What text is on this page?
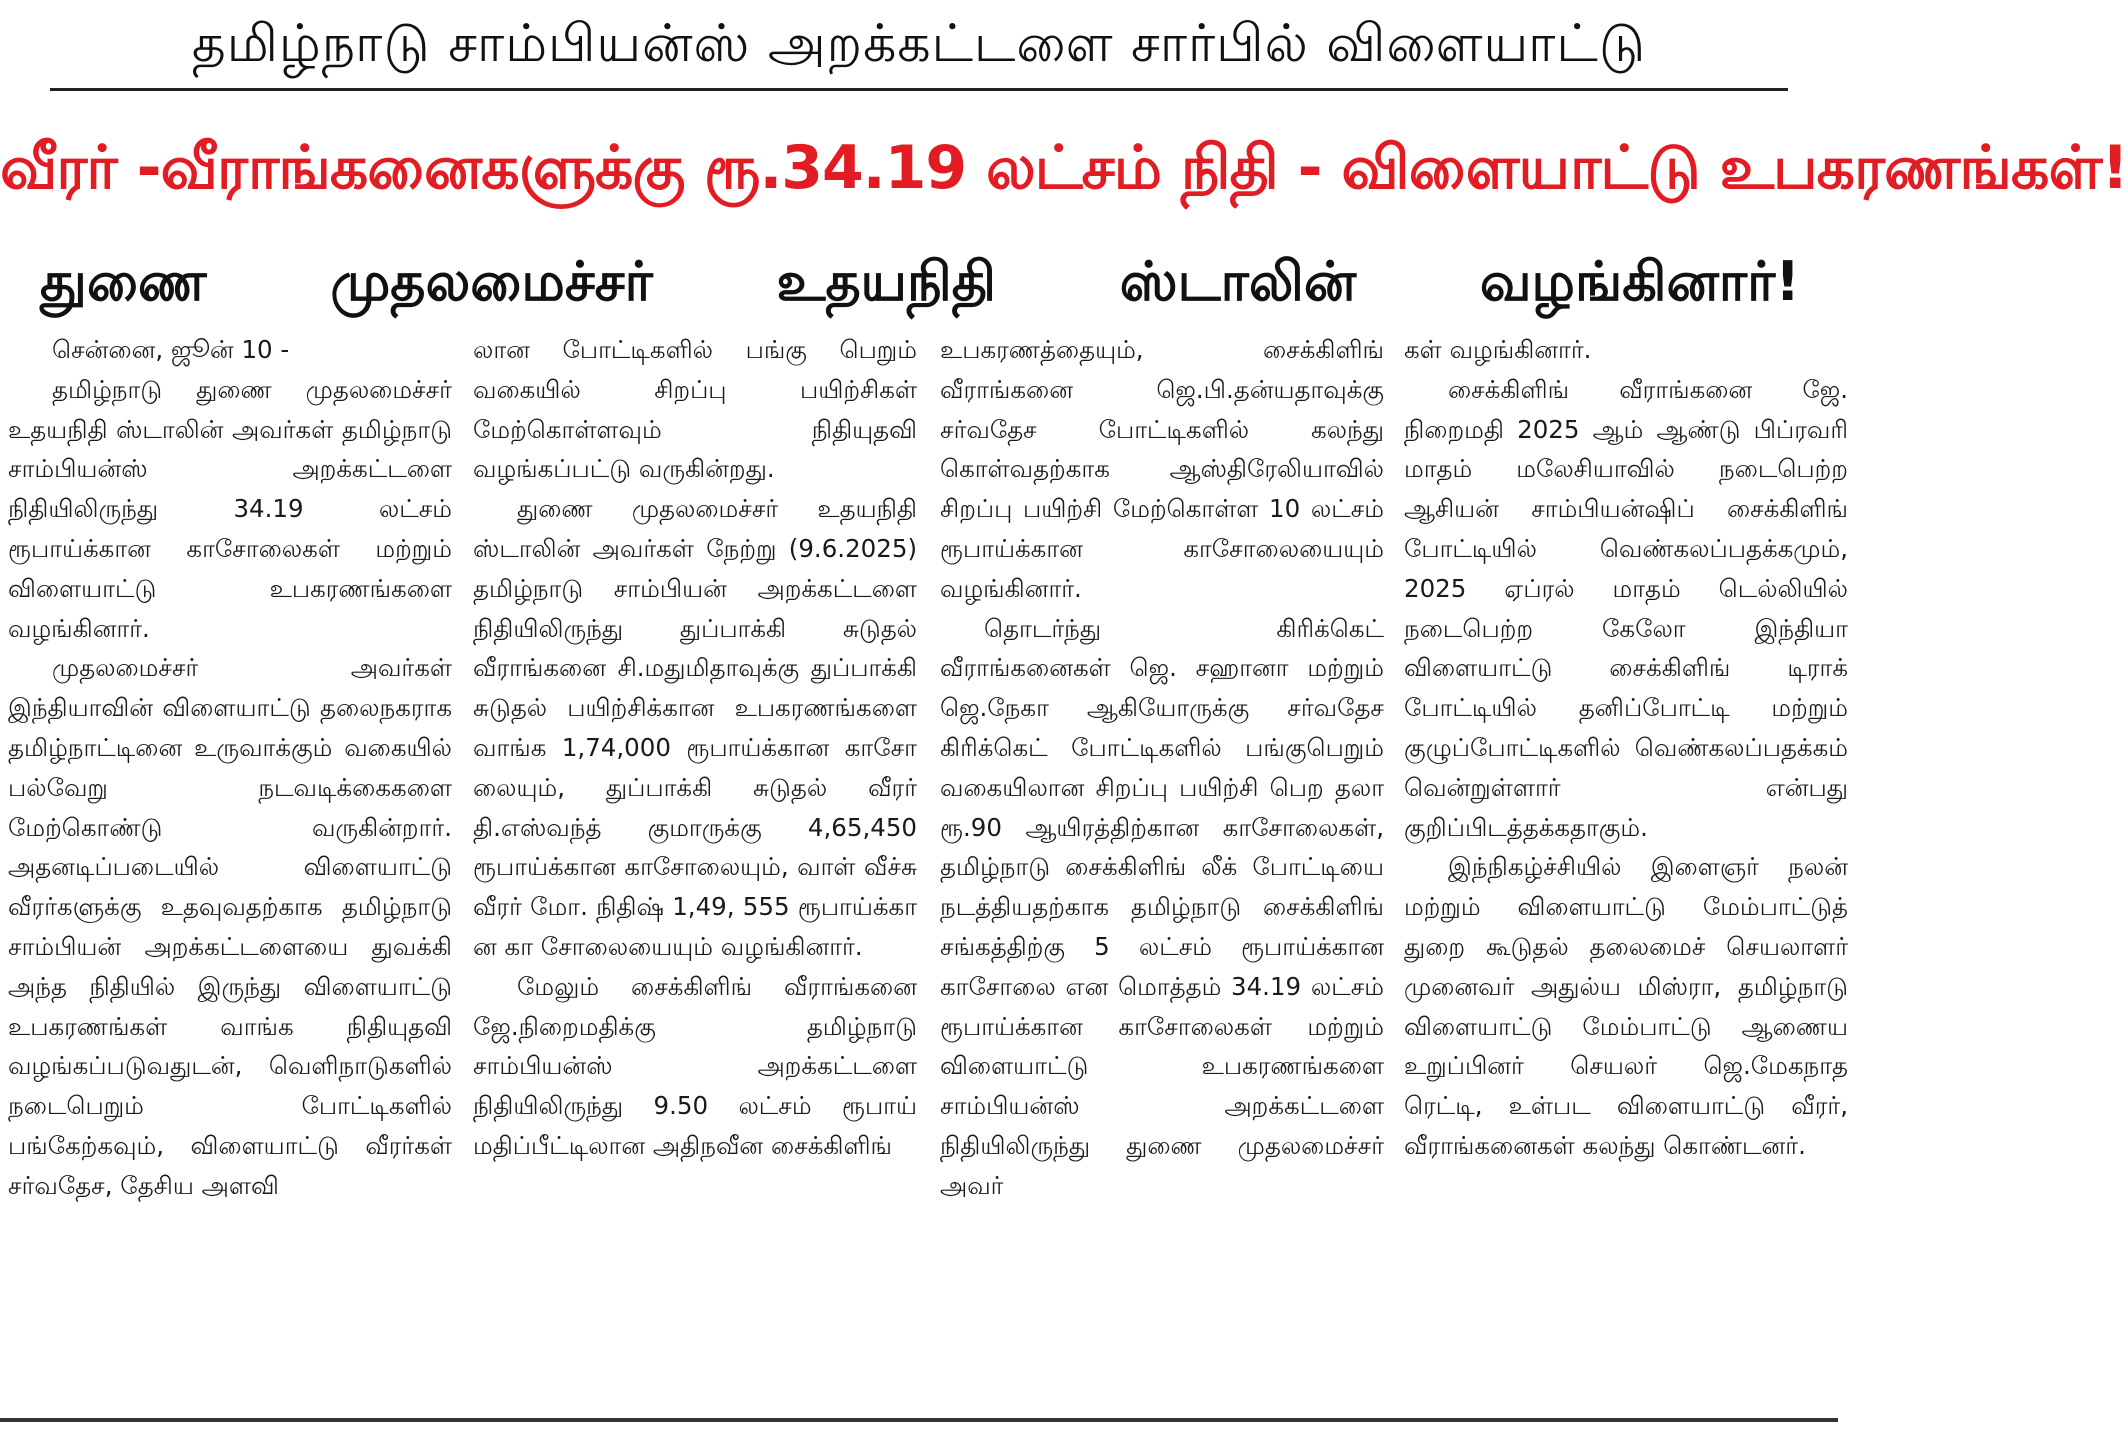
தமிழ்நாடு சாம்பியன்ஸ் அறக்கட்டளை சார்பில் விளையாட்டு
வீரர் -வீராங்கனைகளுக்கு ரூ.34.19 லட்சம் நிதி - விளையாட்டு உபகரணங்கள்!
துணை முதலமைச்சர் உதயநிதி ஸ்டாலின் வழங்கினார்!

சென்னை, ஜூன் 10 -

தமிழ்நாடு துணை முதலமைச்சர் உதயநிதி ஸ்டாலின் அவர்கள் தமிழ்நாடு சாம்பியன்ஸ் அறக்கட்டளை நிதியிலிருந்து 34.19 லட்சம் ரூபாய்க்கான காசோலைகள் மற்றும் விளையாட்டு உபகரணங்களை வழங்கினார்.

முதலமைச்சர் அவர்கள் இந்தியாவின் விளையாட்டு தலைநகராக தமிழ்நாட்டினை உருவாக்கும் வகையில் பல்வேறு நடவடிக்கைகளை மேற்கொண்டு வருகின்றார். அதனடிப்படையில் விளையாட்டு வீரர்களுக்கு உதவுவதற்காக தமிழ்நாடு சாம்பியன் அறக்கட்டளையை துவக்கி அந்த நிதியில் இருந்து விளையாட்டு உபகரணங்கள் வாங்க நிதியுதவி வழங்கப்படுவதுடன், வெளிநாடுகளில் நடைபெறும் போட்டிகளில் பங்கேற்கவும், விளையாட்டு வீரர்கள் சர்வதேச, தேசிய அளவி

லான போட்டிகளில் பங்கு பெறும் வகையில் சிறப்பு பயிற்சிகள் மேற்கொள்ளவும் நிதியுதவி வழங்கப்பட்டு வருகின்றது.

துணை முதலமைச்சர் உதயநிதி ஸ்டாலின் அவர்கள் நேற்று (9.6.2025) தமிழ்நாடு சாம்பியன் அறக்கட்டளை நிதியிலிருந்து துப்பாக்கி சுடுதல் வீராங்கனை சி.மதுமிதாவுக்கு துப்பாக்கி சுடுதல் பயிற்சிக்கான உபகரணங்களை வாங்க 1,74,000 ரூபாய்க்கான காசோ லையும், துப்பாக்கி சுடுதல் வீரர் தி.எஸ்வந்த் குமாருக்கு 4,65,450 ரூபாய்க்கான காசோலையும், வாள் வீச்சு வீரர் மோ. நிதிஷ் 1,49, 555 ரூபாய்க்கா ன கா சோலையையும் வழங்கினார்.

மேலும் சைக்கிளிங் வீராங்கனை ஜே.நிறைமதிக்கு தமிழ்நாடு சாம்பியன்ஸ் அறக்கட்டளை நிதியிலிருந்து 9.50 லட்சம் ரூபாய் மதிப்பீட்டிலான அதிநவீன சைக்கிளிங்

உபகரணத்தையும், சைக்கிளிங் வீராங்கனை ஜெ.பி.தன்யதாவுக்கு சர்வதேச போட்டிகளில் கலந்து கொள்வதற்காக ஆஸ்திரேலியாவில் சிறப்பு பயிற்சி மேற்கொள்ள 10 லட்சம் ரூபாய்க்கான காசோலையையும் வழங்கினார்.

தொடர்ந்து கிரிக்கெட் வீராங்கனைகள் ஜெ. சஹானா மற்றும் ஜெ.நேகா ஆகியோருக்கு சர்வதேச கிரிக்கெட் போட்டிகளில் பங்குபெறும் வகையிலான சிறப்பு பயிற்சி பெற தலா ரூ.90 ஆயிரத்திற்கான காசோலைகள், தமிழ்நாடு சைக்கிளிங் லீக் போட்டியை நடத்தியதற்காக தமிழ்நாடு சைக்கிளிங் சங்கத்திற்கு 5 லட்சம் ரூபாய்க்கான காசோலை என மொத்தம் 34.19 லட்சம் ரூபாய்க்கான காசோலைகள் மற்றும் விளையாட்டு உபகரணங்களை சாம்பியன்ஸ் அறக்கட்டளை நிதியிலிருந்து துணை முதலமைச்சர் அவர்

கள் வழங்கினார்.

சைக்கிளிங் வீராங்கனை ஜே. நிறைமதி 2025 ஆம் ஆண்டு பிப்ரவரி மாதம் மலேசியாவில் நடைபெற்ற ஆசியன் சாம்பியன்ஷிப் சைக்கிளிங் போட்டியில் வெண்கலப்பதக்கமும், 2025 ஏப்ரல் மாதம் டெல்லியில் நடைபெற்ற கேலோ இந்தியா விளையாட்டு சைக்கிளிங் டிராக் போட்டியில் தனிப்போட்டி மற்றும் குழுப்போட்டிகளில் வெண்கலப்பதக்கம் வென்றுள்ளார் என்பது குறிப்பிடத்தக்கதாகும்.

இந்நிகழ்ச்சியில் இளைஞர் நலன் மற்றும் விளையாட்டு மேம்பாட்டுத் துறை கூடுதல் தலைமைச் செயலாளர் முனைவர் அதுல்ய மிஸ்ரா, தமிழ்நாடு விளையாட்டு மேம்பாட்டு ஆணைய உறுப்பினர் செயலர் ஜெ.மேகநாத ரெட்டி, உள்பட விளையாட்டு வீரர், வீராங்கனைகள் கலந்து கொண்டனர்.
